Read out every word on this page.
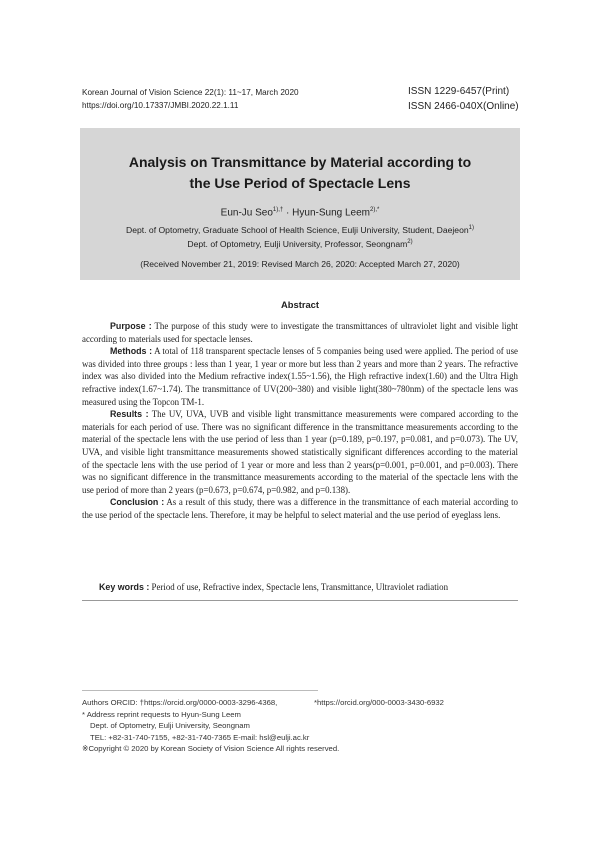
Korean Journal of Vision Science 22(1): 11~17, March 2020
https://doi.org/10.17337/JMBI.2020.22.1.11
ISSN 1229-6457(Print)
ISSN 2466-040X(Online)
Analysis on Transmittance by Material according to
the Use Period of Spectacle Lens
Eun-Ju Seo$^{1),\dagger}$ · Hyun-Sung Leem$^{2),*}$
Dept. of Optometry, Graduate School of Health Science, Eulji University, Student, Daejeon$^{1)}$
Dept. of Optometry, Eulji University, Professor, Seongnam$^{2)}$
(Received November 21, 2019: Revised March 26, 2020: Accepted March 27, 2020)
Abstract

Purpose : The purpose of this study were to investigate the transmittances of ultraviolet light and visible light according to materials used for spectacle lenses.

Methods : A total of 118 transparent spectacle lenses of 5 companies being used were applied. The period of use was divided into three groups : less than 1 year, 1 year or more but less than 2 years and more than 2 years. The refractive index was also divided into the Medium refractive index(1.55~1.56), the High refractive index(1.60) and the Ultra High refractive index(1.67~1.74). The transmittance of UV(200~380) and visible light(380~780nm) of the spectacle lens was measured using the Topcon TM-1.

Results : The UV, UVA, UVB and visible light transmittance measurements were compared according to the materials for each period of use. There was no significant difference in the transmittance measurements according to the material of the spectacle lens with the use period of less than 1 year (p=0.189, p=0.197, p=0.081, and p=0.073). The UV, UVA, and visible light transmittance measurements showed statistically significant differences according to the material of the spectacle lens with the use period of 1 year or more and less than 2 years(p=0.001, p=0.001, and p=0.003). There was no significant difference in the transmittance measurements according to the material of the spectacle lens with the use period of more than 2 years (p=0.673, p=0.674, p=0.982, and p=0.138).

Conclusion : As a result of this study, there was a difference in the transmittance of each material according to the use period of the spectacle lens. Therefore, it may be helpful to select material and the use period of eyeglass lens.

Key words : Period of use, Refractive index, Spectacle lens, Transmittance, Ultraviolet radiation
Authors ORCID: †https://orcid.org/0000-0003-3296-4368,	*https://orcid.org/000-0003-3430-6932
* Address reprint requests to Hyun-Sung Leem
Dept. of Optometry, Eulji University, Seongnam
TEL: +82-31-740-7155, +82-31-740-7365 E-mail: hsl@eulji.ac.kr
※Copyright © 2020 by Korean Society of Vision Science All rights reserved.
